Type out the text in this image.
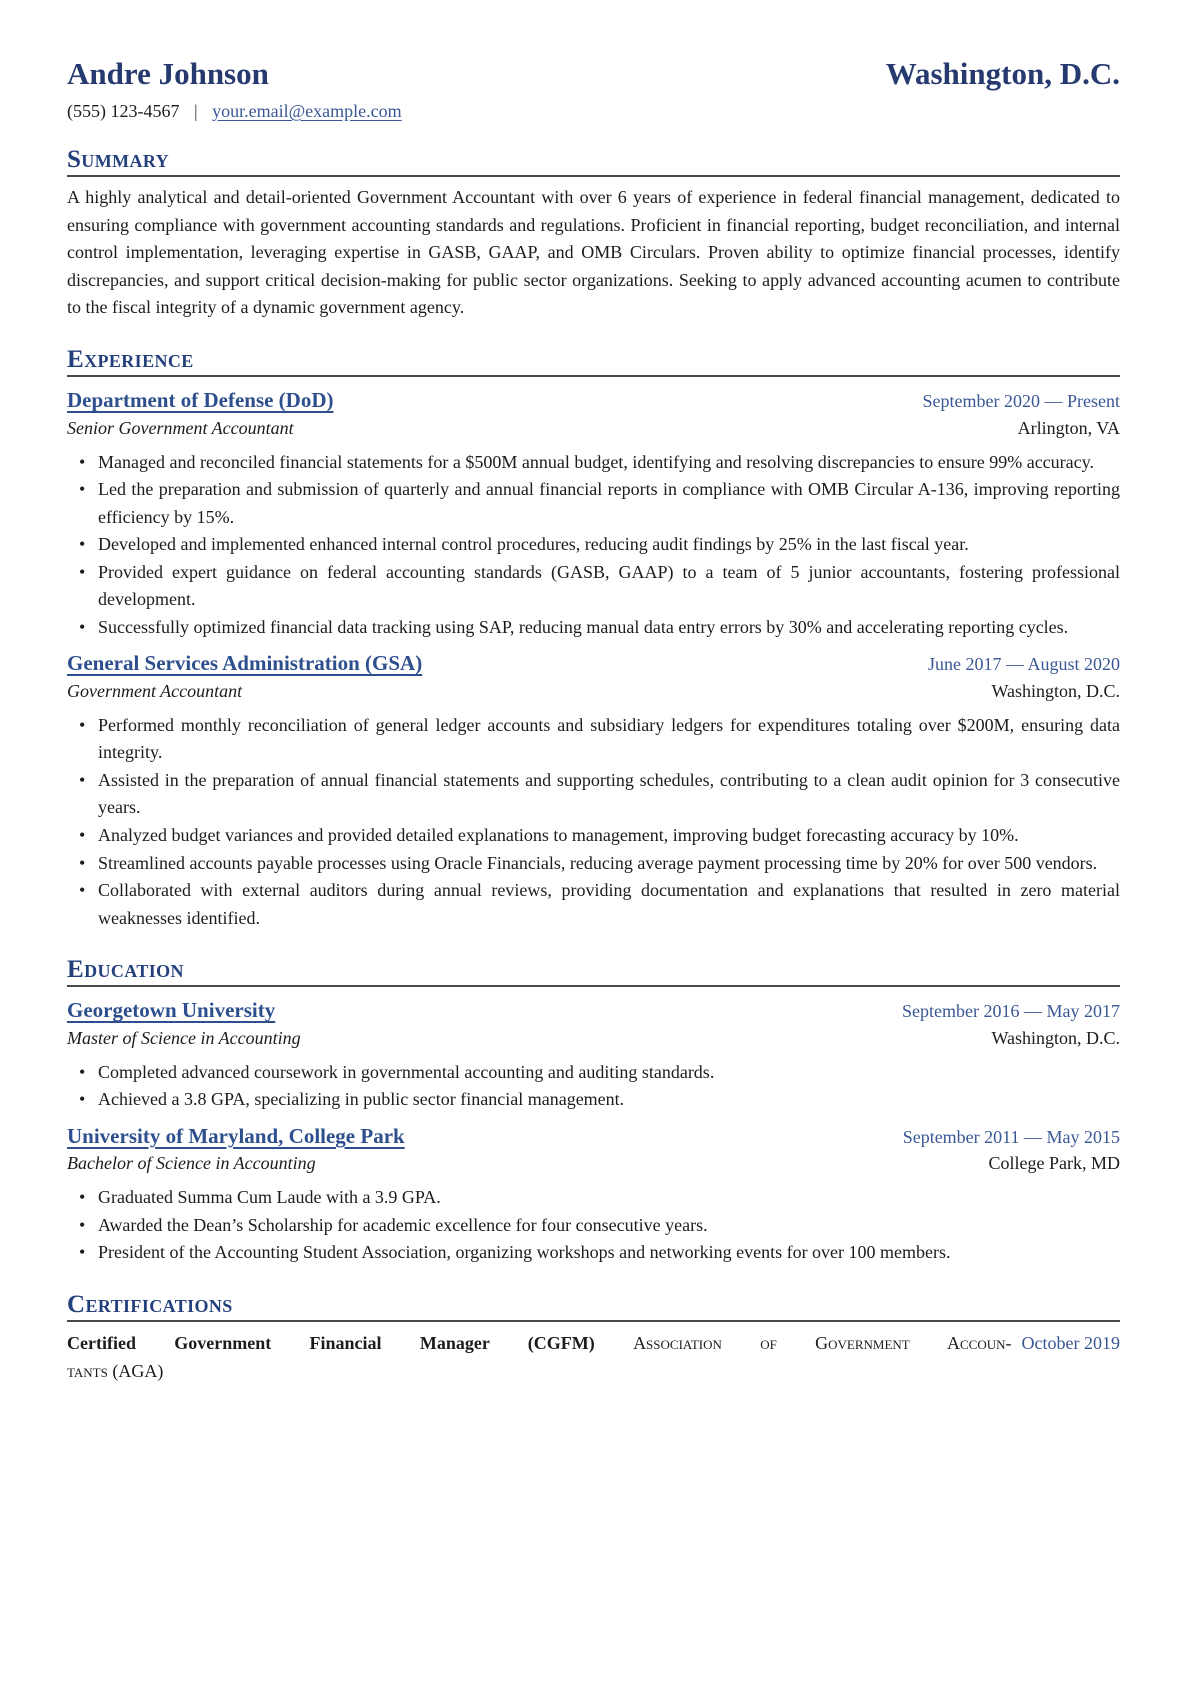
Andre Johnson	Washington, D.C.
(555) 123-4567 | your.email@example.com
Summary

A highly analytical and detail-oriented Government Accountant with over 6 years of experience in federal financial management, dedicated to ensuring compliance with government accounting standards and regulations. Proficient in financial reporting, budget reconciliation, and internal control implementation, leveraging expertise in GASB, GAAP, and OMB Circulars. Proven ability to optimize financial processes, identify discrepancies, and support critical decision-making for public sector organizations. Seeking to apply advanced accounting acumen to contribute to the fiscal integrity of a dynamic government agency.

Experience
Department of Defense (DoD)	September 2020 — Present
Senior Government Accountant	Arlington, VA
• Managed and reconciled financial statements for a $500M annual budget, identifying and resolving discrepancies to ensure 99% accuracy.
• Led the preparation and submission of quarterly and annual financial reports in compliance with OMB Circular A-136, improving reporting efficiency by 15%.
• Developed and implemented enhanced internal control procedures, reducing audit findings by 25% in the last fiscal year.
• Provided expert guidance on federal accounting standards (GASB, GAAP) to a team of 5 junior accountants, fostering professional development.
• Successfully optimized financial data tracking using SAP, reducing manual data entry errors by 30% and accelerating reporting cycles.
General Services Administration (GSA)	June 2017 — August 2020
Government Accountant	Washington, D.C.
• Performed monthly reconciliation of general ledger accounts and subsidiary ledgers for expenditures totaling over $200M, ensuring data integrity.
• Assisted in the preparation of annual financial statements and supporting schedules, contributing to a clean audit opinion for 3 consecutive years.
• Analyzed budget variances and provided detailed explanations to management, improving budget forecasting accuracy by 10%.
• Streamlined accounts payable processes using Oracle Financials, reducing average payment processing time by 20% for over 500 vendors.
• Collaborated with external auditors during annual reviews, providing documentation and explanations that resulted in zero material weaknesses identified.
Education
Georgetown University	September 2016 — May 2017
Master of Science in Accounting	Washington, D.C.
• Completed advanced coursework in governmental accounting and auditing standards.
• Achieved a 3.8 GPA, specializing in public sector financial management.
University of Maryland, College Park	September 2011 — May 2015
Bachelor of Science in Accounting	College Park, MD
• Graduated Summa Cum Laude with a 3.9 GPA.
• Awarded the Dean’s Scholarship for academic excellence for four consecutive years.
• President of the Accounting Student Association, organizing workshops and networking events for over 100 members.
Certifications
Certified Government Financial Manager (CGFM) Association of Government Accoun- October 2019
tants (AGA)
